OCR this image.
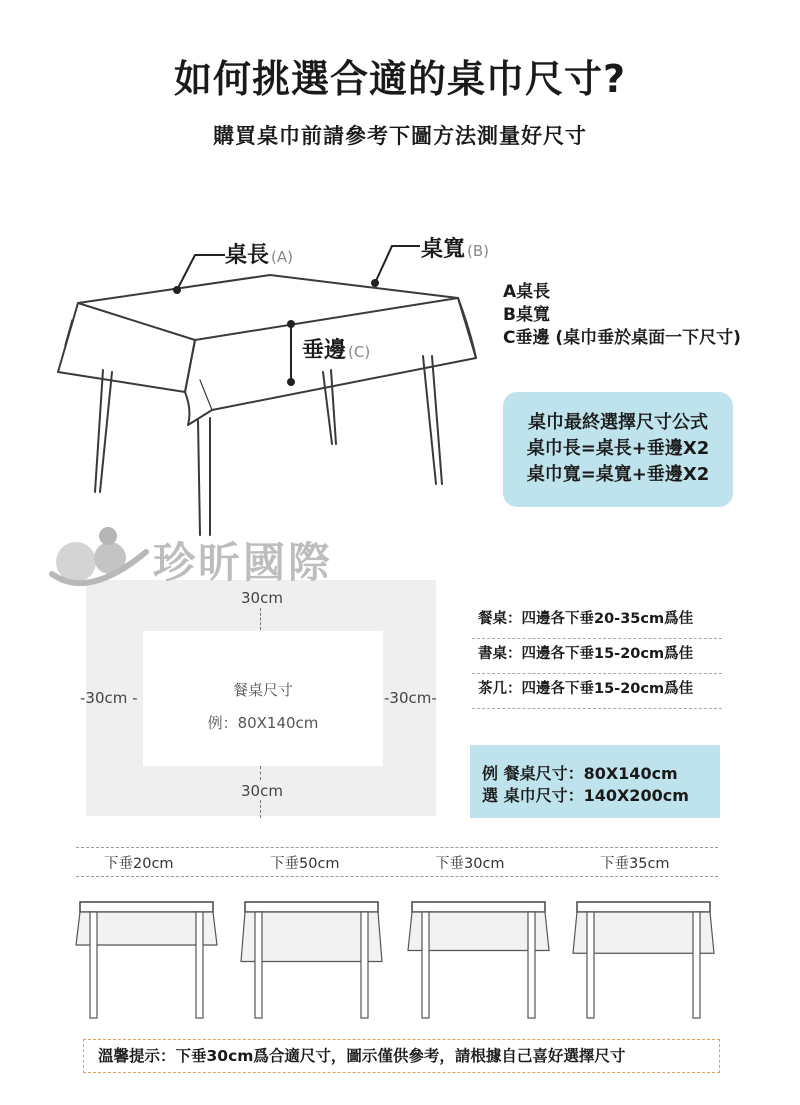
如何挑選合適的桌巾尺寸?
購買桌巾前請參考下圖方法測量好尺寸
桌長 (A)	桌寬 (B)
垂邊 (C)
A桌長
B桌寬
C垂邊 (桌巾垂於桌面一下尺寸)
桌巾最終選擇尺寸公式
桌巾長=桌長+垂邊X2
桌巾寬=桌寬+垂邊X2
餐桌尺寸
例：80X140cm
30cm
30cm
-30cm -	-30cm-
餐桌：四邊各下垂20-35cm爲佳
書桌：四邊各下垂15-20cm爲佳
茶几：四邊各下垂15-20cm爲佳
例 餐桌尺寸：80X140cm
選 桌巾尺寸：140X200cm
下垂20cm	下垂50cm	下垂30cm	下垂35cm
溫馨提示：下垂30cm爲合適尺寸，圖示僅供參考，請根據自己喜好選擇尺寸
珍昕國際
